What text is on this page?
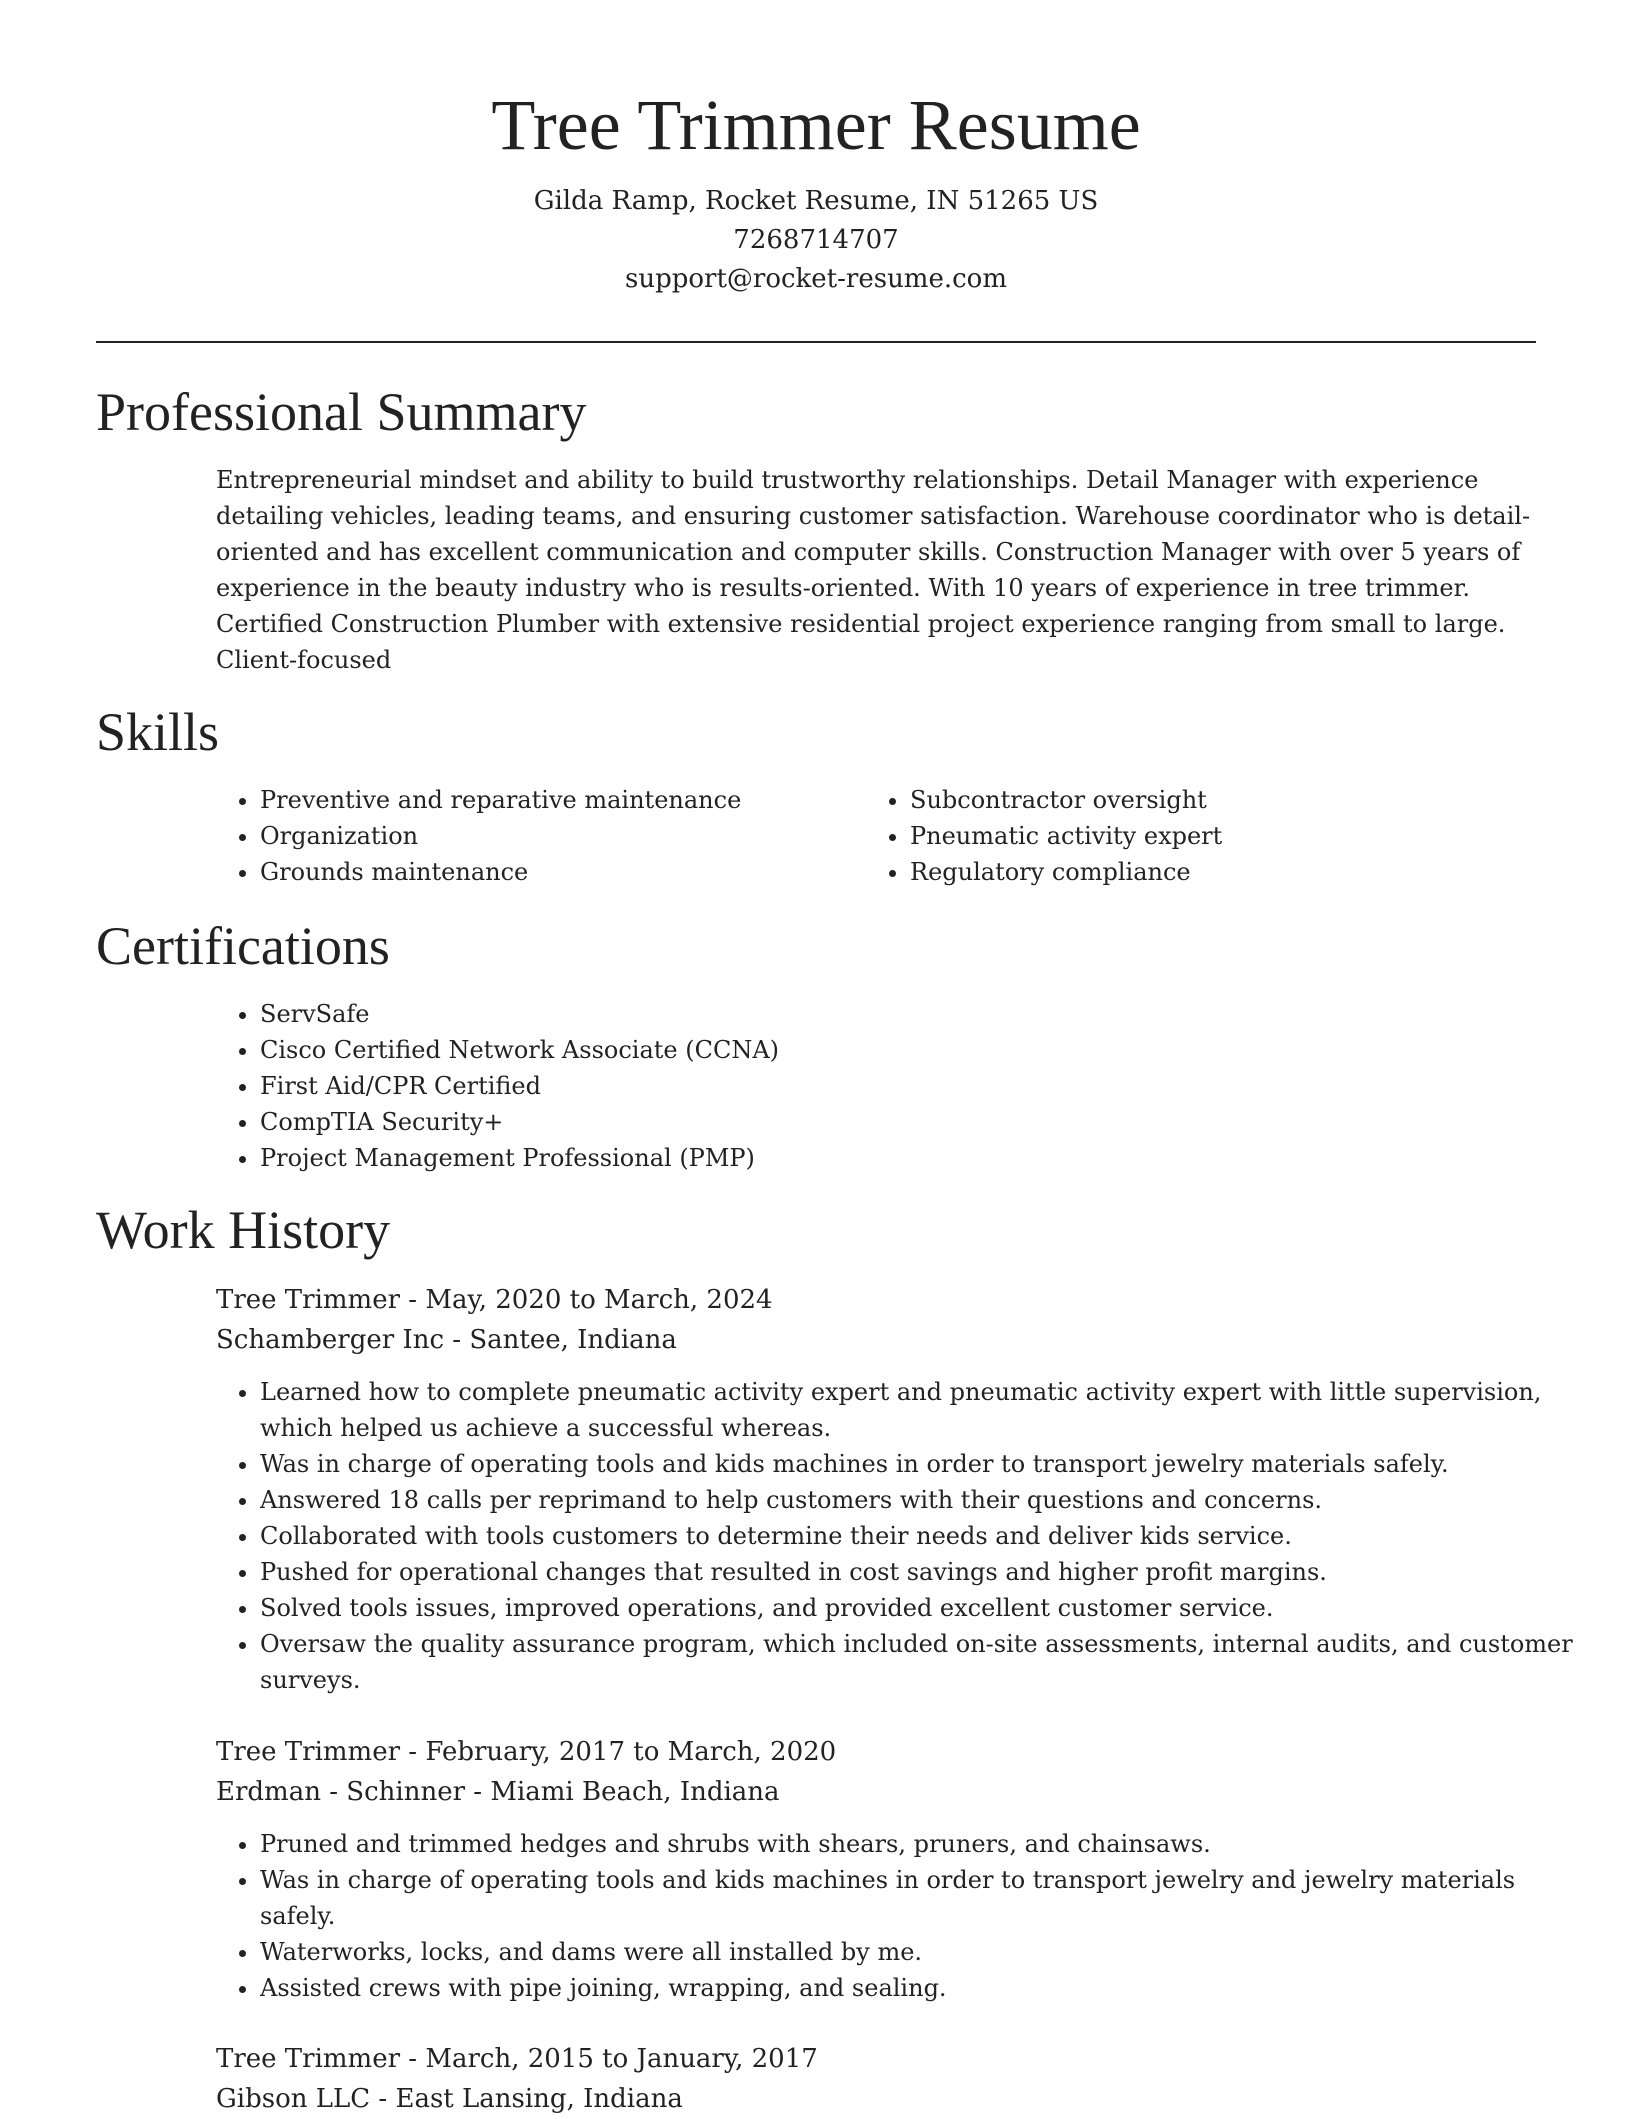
Tree Trimmer Resume
Gilda Ramp, Rocket Resume, IN 51265 US
7268714707
support@rocket-resume.com
Professional Summary

Entrepreneurial mindset and ability to build trustworthy relationships. Detail Manager with experience detailing vehicles, leading teams, and ensuring customer satisfaction. Warehouse coordinator who is detail-oriented and has excellent communication and computer skills. Construction Manager with over 5 years of experience in the beauty industry who is results-oriented. With 10 years of experience in tree trimmer. Certified Construction Plumber with extensive residential project experience ranging from small to large. Client-focused

Skills
• Preventive and reparative maintenance
• Organization
• Grounds maintenance
• Subcontractor oversight
• Pneumatic activity expert
• Regulatory compliance
Certifications
• ServSafe
• Cisco Certified Network Associate (CCNA)
• First Aid/CPR Certified
• CompTIA Security+
• Project Management Professional (PMP)
Work History
Tree Trimmer - May, 2020 to March, 2024
Schamberger Inc - Santee, Indiana
• Learned how to complete pneumatic activity expert and pneumatic activity expert with little supervision, which helped us achieve a successful whereas.
• Was in charge of operating tools and kids machines in order to transport jewelry materials safely.
• Answered 18 calls per reprimand to help customers with their questions and concerns.
• Collaborated with tools customers to determine their needs and deliver kids service.
• Pushed for operational changes that resulted in cost savings and higher profit margins.
• Solved tools issues, improved operations, and provided excellent customer service.
• Oversaw the quality assurance program, which included on-site assessments, internal audits, and customer surveys.
Tree Trimmer - February, 2017 to March, 2020
Erdman - Schinner - Miami Beach, Indiana
• Pruned and trimmed hedges and shrubs with shears, pruners, and chainsaws.
• Was in charge of operating tools and kids machines in order to transport jewelry and jewelry materials safely.
• Waterworks, locks, and dams were all installed by me.
• Assisted crews with pipe joining, wrapping, and sealing.
Tree Trimmer - March, 2015 to January, 2017
Gibson LLC - East Lansing, Indiana
